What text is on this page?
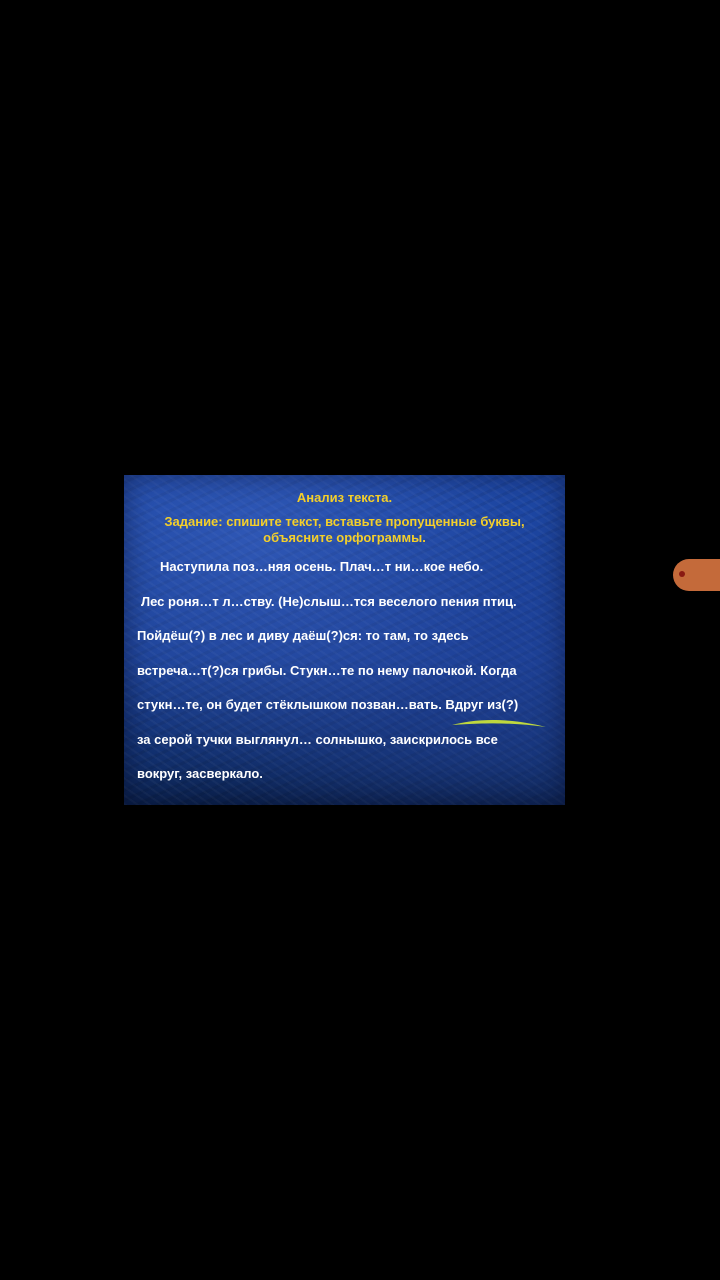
Анализ текста.
Задание: спишите текст, вставьте пропущенные буквы,
объясните орфограммы.
Наступила поз…няя осень. Плач…т ни…кое небо.
Лес роня…т л…ству. (Не)слыш…тся веселого пения птиц.
Пойдёш(?) в лес и диву даёш(?)ся: то там, то здесь
встреча…т(?)ся грибы. Стукн…те по нему палочкой. Когда
стукн…те, он будет стёклышком позван…вать. Вдруг из(?)
за серой тучки выглянул… солнышко, заискрилось все
вокруг, засверкало.
